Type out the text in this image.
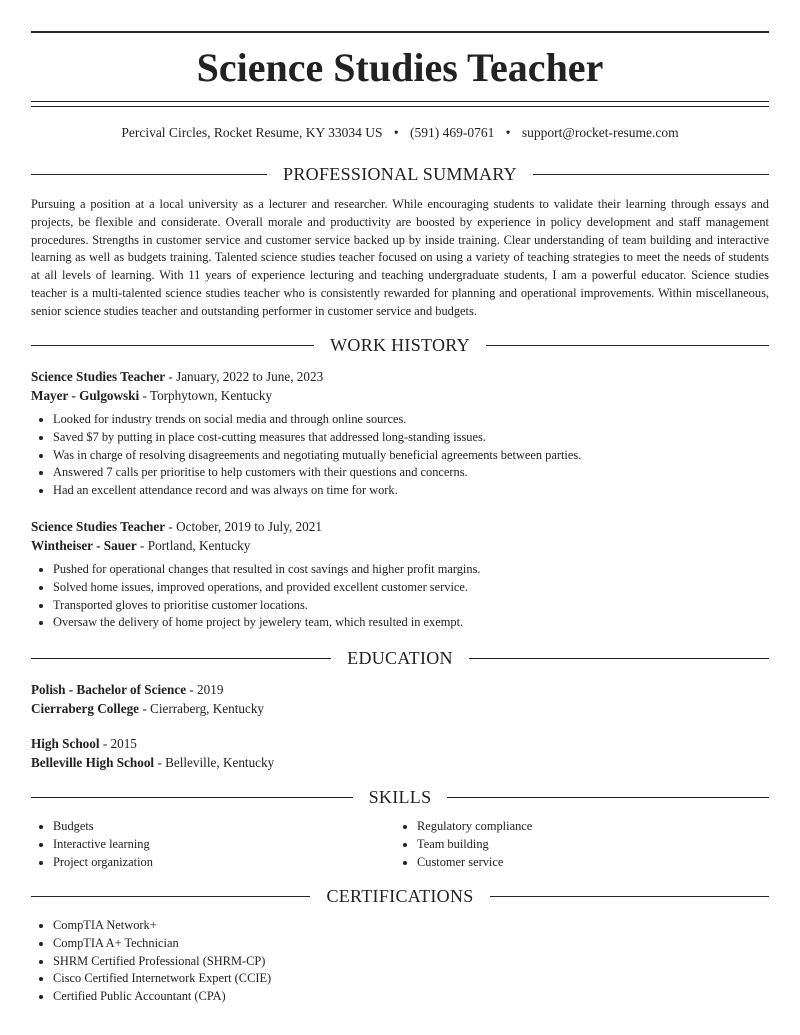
Science Studies Teacher
Percival Circles, Rocket Resume, KY 33034 US • (591) 469-0761 • support@rocket-resume.com
PROFESSIONAL SUMMARY

Pursuing a position at a local university as a lecturer and researcher. While encouraging students to validate their learning through essays and projects, be flexible and considerate. Overall morale and productivity are boosted by experience in policy development and staff management procedures. Strengths in customer service and customer service backed up by inside training. Clear understanding of team building and interactive learning as well as budgets training. Talented science studies teacher focused on using a variety of teaching strategies to meet the needs of students at all levels of learning. With 11 years of experience lecturing and teaching undergraduate students, I am a powerful educator. Science studies teacher is a multi-talented science studies teacher who is consistently rewarded for planning and operational improvements. Within miscellaneous, senior science studies teacher and outstanding performer in customer service and budgets.

WORK HISTORY
Science Studies Teacher - January, 2022 to June, 2023
Mayer - Gulgowski - Torphytown, Kentucky
• Looked for industry trends on social media and through online sources.
• Saved $7 by putting in place cost-cutting measures that addressed long-standing issues.
• Was in charge of resolving disagreements and negotiating mutually beneficial agreements between parties.
• Answered 7 calls per prioritise to help customers with their questions and concerns.
• Had an excellent attendance record and was always on time for work.
Science Studies Teacher - October, 2019 to July, 2021
Wintheiser - Sauer - Portland, Kentucky
• Pushed for operational changes that resulted in cost savings and higher profit margins.
• Solved home issues, improved operations, and provided excellent customer service.
• Transported gloves to prioritise customer locations.
• Oversaw the delivery of home project by jewelery team, which resulted in exempt.
EDUCATION
Polish - Bachelor of Science - 2019
Cierraberg College - Cierraberg, Kentucky
High School - 2015
Belleville High School - Belleville, Kentucky
SKILLS
• Budgets
• Interactive learning
• Project organization
• Regulatory compliance
• Team building
• Customer service
CERTIFICATIONS
• CompTIA Network+
• CompTIA A+ Technician
• SHRM Certified Professional (SHRM-CP)
• Cisco Certified Internetwork Expert (CCIE)
• Certified Public Accountant (CPA)
